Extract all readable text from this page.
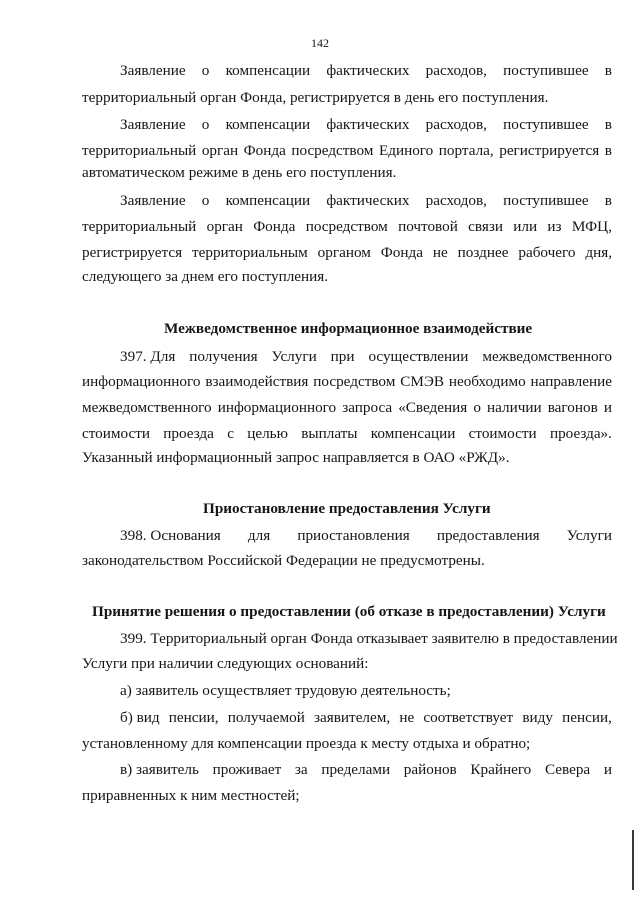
142
Заявление о компенсации фактических расходов, поступившее в
территориальный орган Фонда, регистрируется в день его поступления.
Заявление о компенсации фактических расходов, поступившее в
территориальный орган Фонда посредством Единого портала, регистрируется в
автоматическом режиме в день его поступления.
Заявление о компенсации фактических расходов, поступившее в
территориальный орган Фонда посредством почтовой связи или из МФЦ,
регистрируется территориальным органом Фонда не позднее рабочего дня,
следующего за днем его поступления.
Межведомственное информационное взаимодействие
397. Для получения Услуги при осуществлении межведомственного
информационного взаимодействия посредством СМЭВ необходимо направление
межведомственного информационного запроса «Сведения о наличии вагонов и
стоимости проезда с целью выплаты компенсации стоимости проезда».
Указанный информационный запрос направляется в ОАО «РЖД».
Приостановление предоставления Услуги
398. Основания для приостановления предоставления Услуги
законодательством Российской Федерации не предусмотрены.
Принятие решения о предоставлении (об отказе в предоставлении) Услуги
399. Территориальный орган Фонда отказывает заявителю в предоставлении
Услуги при наличии следующих оснований:
а) заявитель осуществляет трудовую деятельность;
б) вид пенсии, получаемой заявителем, не соответствует виду пенсии,
установленному для компенсации проезда к месту отдыха и обратно;
в) заявитель проживает за пределами районов Крайнего Севера и
приравненных к ним местностей;
